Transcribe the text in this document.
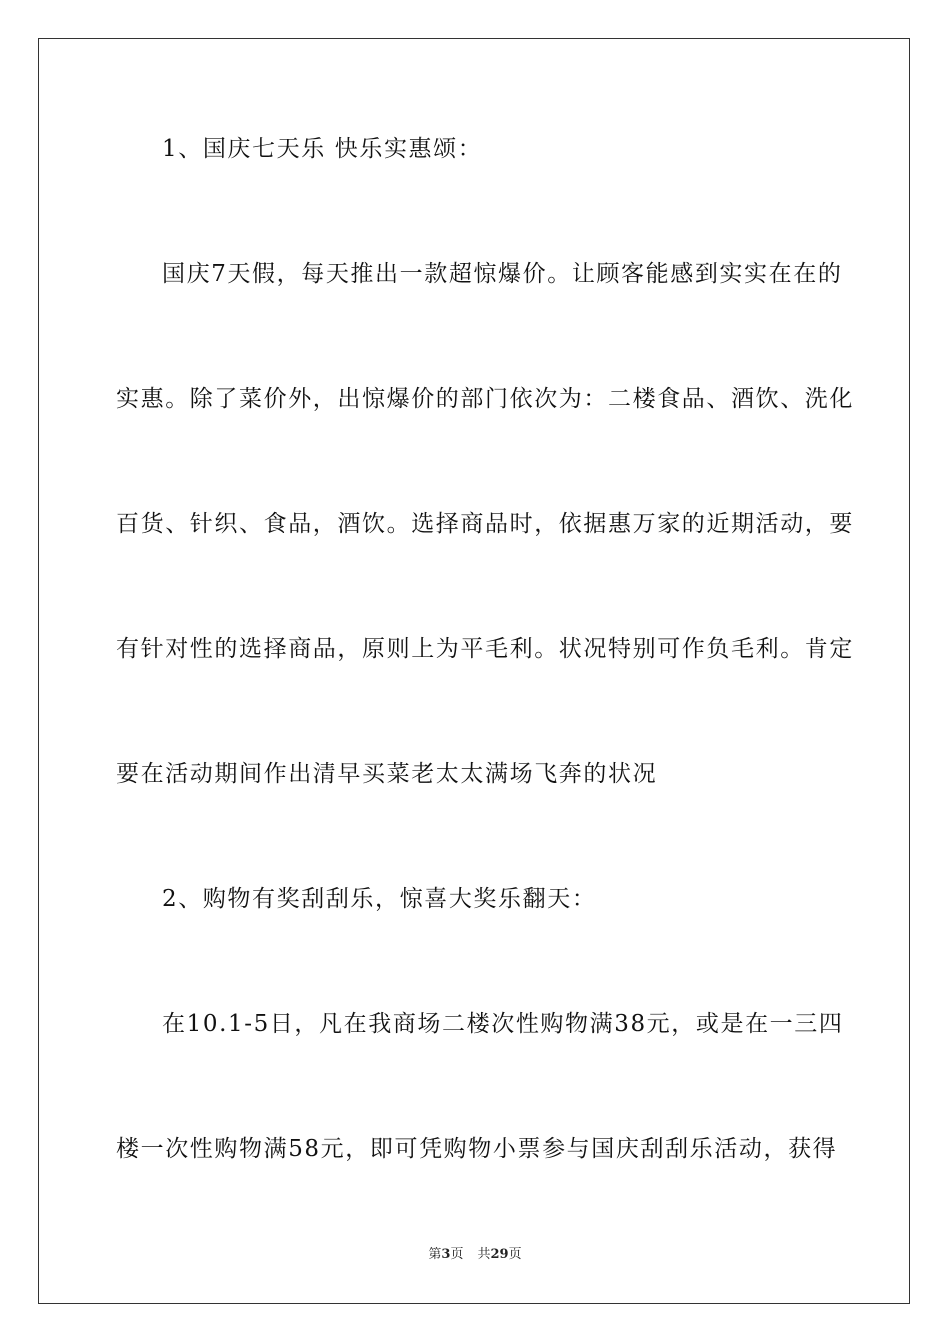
1、国庆七天乐 快乐实惠颂：
国庆7天假，每天推出一款超惊爆价。让顾客能感到实实在在的
实惠。除了菜价外，出惊爆价的部门依次为：二楼食品、酒饮、洗化
百货、针织、食品，酒饮。选择商品时，依据惠万家的近期活动，要
有针对性的选择商品，原则上为平毛利。状况特别可作负毛利。肯定
要在活动期间作出清早买菜老太太满场飞奔的状况
2、购物有奖刮刮乐，惊喜大奖乐翻天：
在10.1-5日，凡在我商场二楼次性购物满38元，或是在一三四
楼一次性购物满58元，即可凭购物小票参与国庆刮刮乐活动，获得
第3页 共29页
